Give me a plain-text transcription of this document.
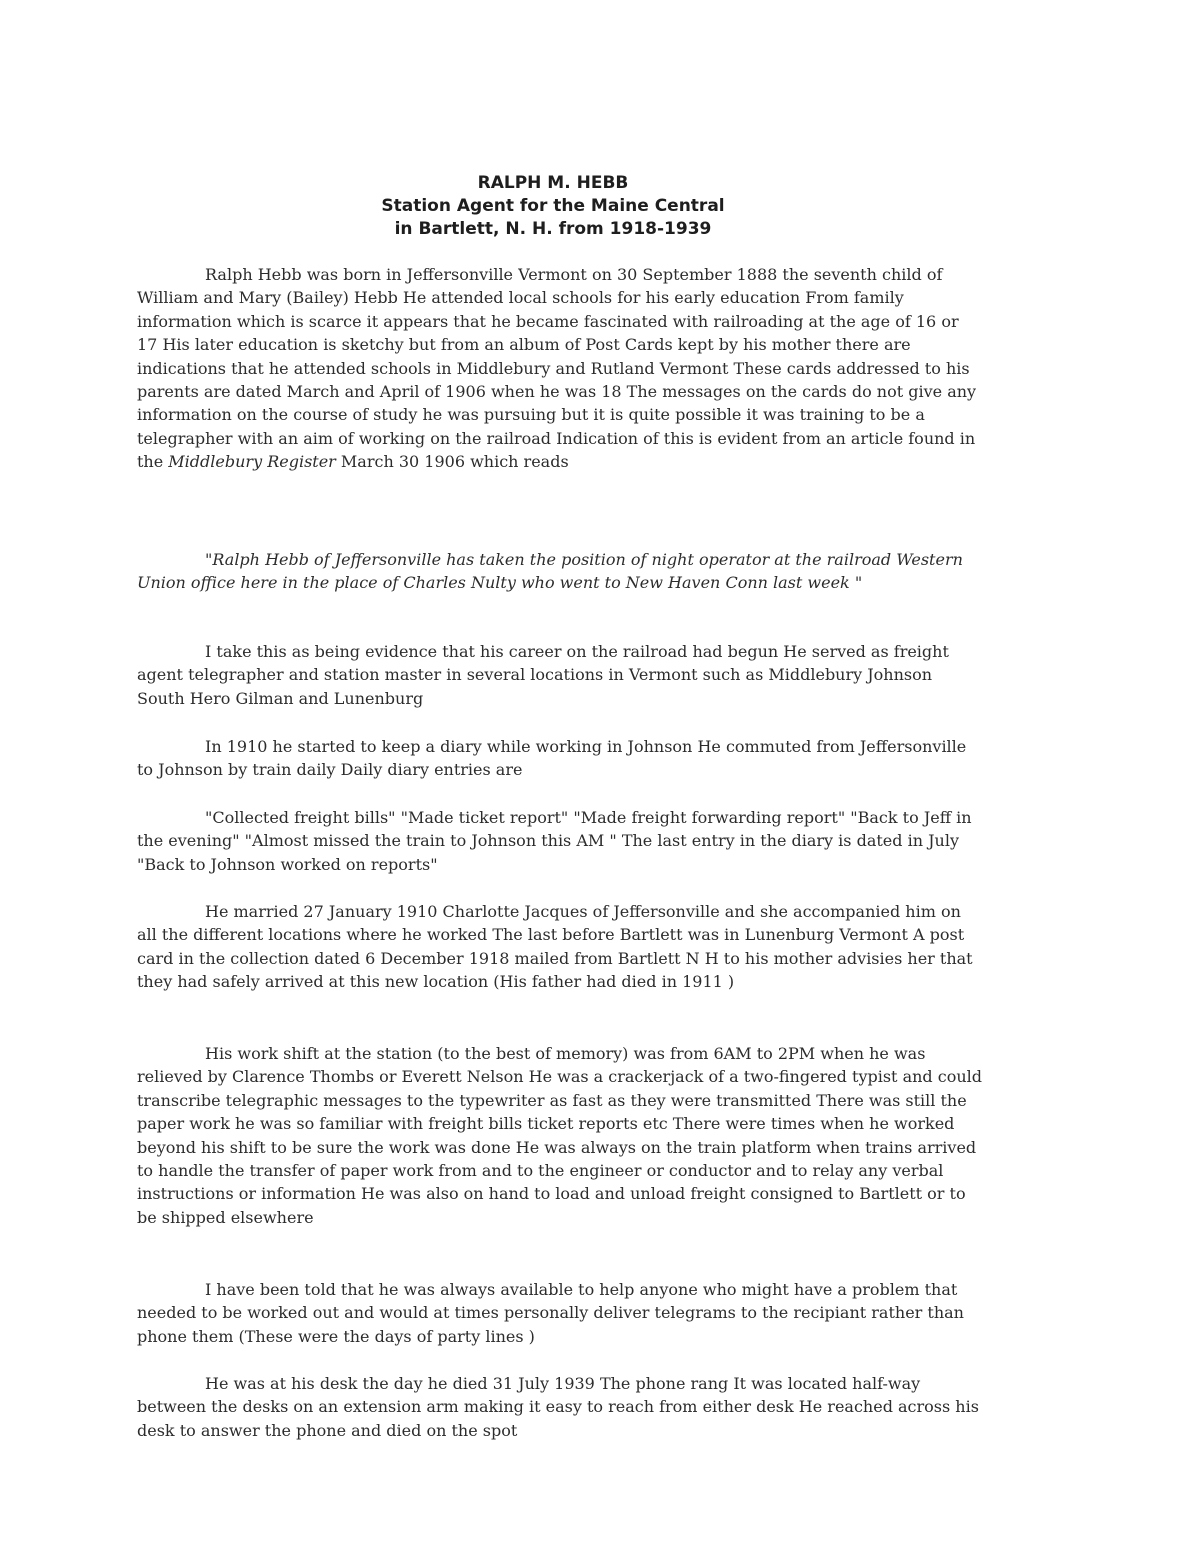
RALPH M. HEBB
Station Agent for the Maine Central
in Bartlett, N. H. from 1918-1939

Ralph Hebb was born in Jeffersonville Vermont on 30 September 1888 the seventh child of William and Mary (Bailey) Hebb He attended local schools for his early education From family information which is scarce it appears that he became fascinated with railroading at the age of 16 or 17 His later education is sketchy but from an album of Post Cards kept by his mother there are indications that he attended schools in Middlebury and Rutland Vermont These cards addressed to his parents are dated March and April of 1906 when he was 18 The messages on the cards do not give any information on the course of study he was pursuing but it is quite possible it was training to be a telegrapher with an aim of working on the railroad Indication of this is evident from an article found in the Middlebury Register March 30 1906 which reads

"Ralph Hebb of Jeffersonville has taken the position of night operator at the railroad Western Union office here in the place of Charles Nulty who went to New Haven Conn last week "

I take this as being evidence that his career on the railroad had begun He served as freight agent telegrapher and station master in several locations in Vermont such as Middlebury Johnson South Hero Gilman and Lunenburg

In 1910 he started to keep a diary while working in Johnson He commuted from Jeffersonville to Johnson by train daily Daily diary entries are

"Collected freight bills" "Made ticket report" "Made freight forwarding report" "Back to Jeff in the evening" "Almost missed the train to Johnson this AM " The last entry in the diary is dated in July "Back to Johnson worked on reports"

He married 27 January 1910 Charlotte Jacques of Jeffersonville and she accompanied him on all the different locations where he worked The last before Bartlett was in Lunenburg Vermont A post card in the collection dated 6 December 1918 mailed from Bartlett N H to his mother advisies her that they had safely arrived at this new location (His father had died in 1911 )

His work shift at the station (to the best of memory) was from 6AM to 2PM when he was relieved by Clarence Thombs or Everett Nelson He was a crackerjack of a two-fingered typist and could transcribe telegraphic messages to the typewriter as fast as they were transmitted There was still the paper work he was so familiar with freight bills ticket reports etc There were times when he worked beyond his shift to be sure the work was done He was always on the train platform when trains arrived to handle the transfer of paper work from and to the engineer or conductor and to relay any verbal instructions or information He was also on hand to load and unload freight consigned to Bartlett or to be shipped elsewhere

I have been told that he was always available to help anyone who might have a problem that needed to be worked out and would at times personally deliver telegrams to the recipiant rather than phone them (These were the days of party lines )

He was at his desk the day he died 31 July 1939 The phone rang It was located half-way between the desks on an extension arm making it easy to reach from either desk He reached across his desk to answer the phone and died on the spot
